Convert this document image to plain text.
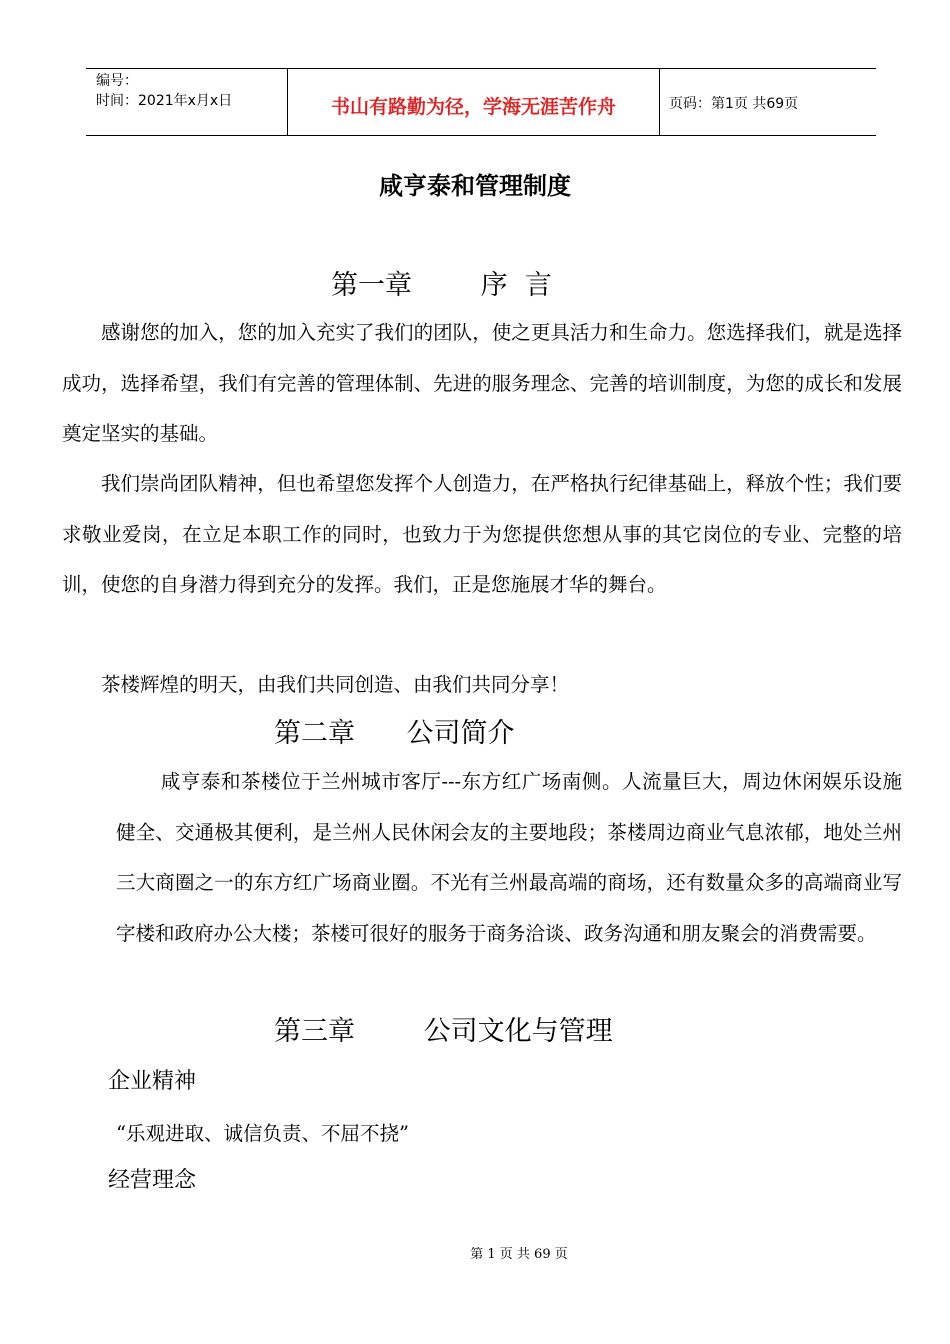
编号：
时间：2021年x月x日	书山有路勤为径，学海无涯苦作舟	页码：第1页 共69页
咸亨泰和管理制度
第一章        序  言

感谢您的加入，您的加入充实了我们的团队，使之更具活力和生命力。您选择我们，就是选择成功，选择希望，我们有完善的管理体制、先进的服务理念、完善的培训制度，为您的成长和发展奠定坚实的基础。

我们崇尚团队精神，但也希望您发挥个人创造力，在严格执行纪律基础上，释放个性；我们要求敬业爱岗，在立足本职工作的同时，也致力于为您提供您想从事的其它岗位的专业、完整的培训，使您的自身潜力得到充分的发挥。我们，正是您施展才华的舞台。

茶楼辉煌的明天，由我们共同创造、由我们共同分享！

第二章      公司简介

咸亨泰和茶楼位于兰州城市客厅---东方红广场南侧。人流量巨大，周边休闲娱乐设施健全、交通极其便利，是兰州人民休闲会友的主要地段；茶楼周边商业气息浓郁，地处兰州三大商圈之一的东方红广场商业圈。不光有兰州最高端的商场，还有数量众多的高端商业写字楼和政府办公大楼；茶楼可很好的服务于商务洽谈、政务沟通和朋友聚会的消费需要。

第三章        公司文化与管理
企业精神
“乐观进取、诚信负责、不屈不挠”
经营理念
第 1 页 共 69 页
